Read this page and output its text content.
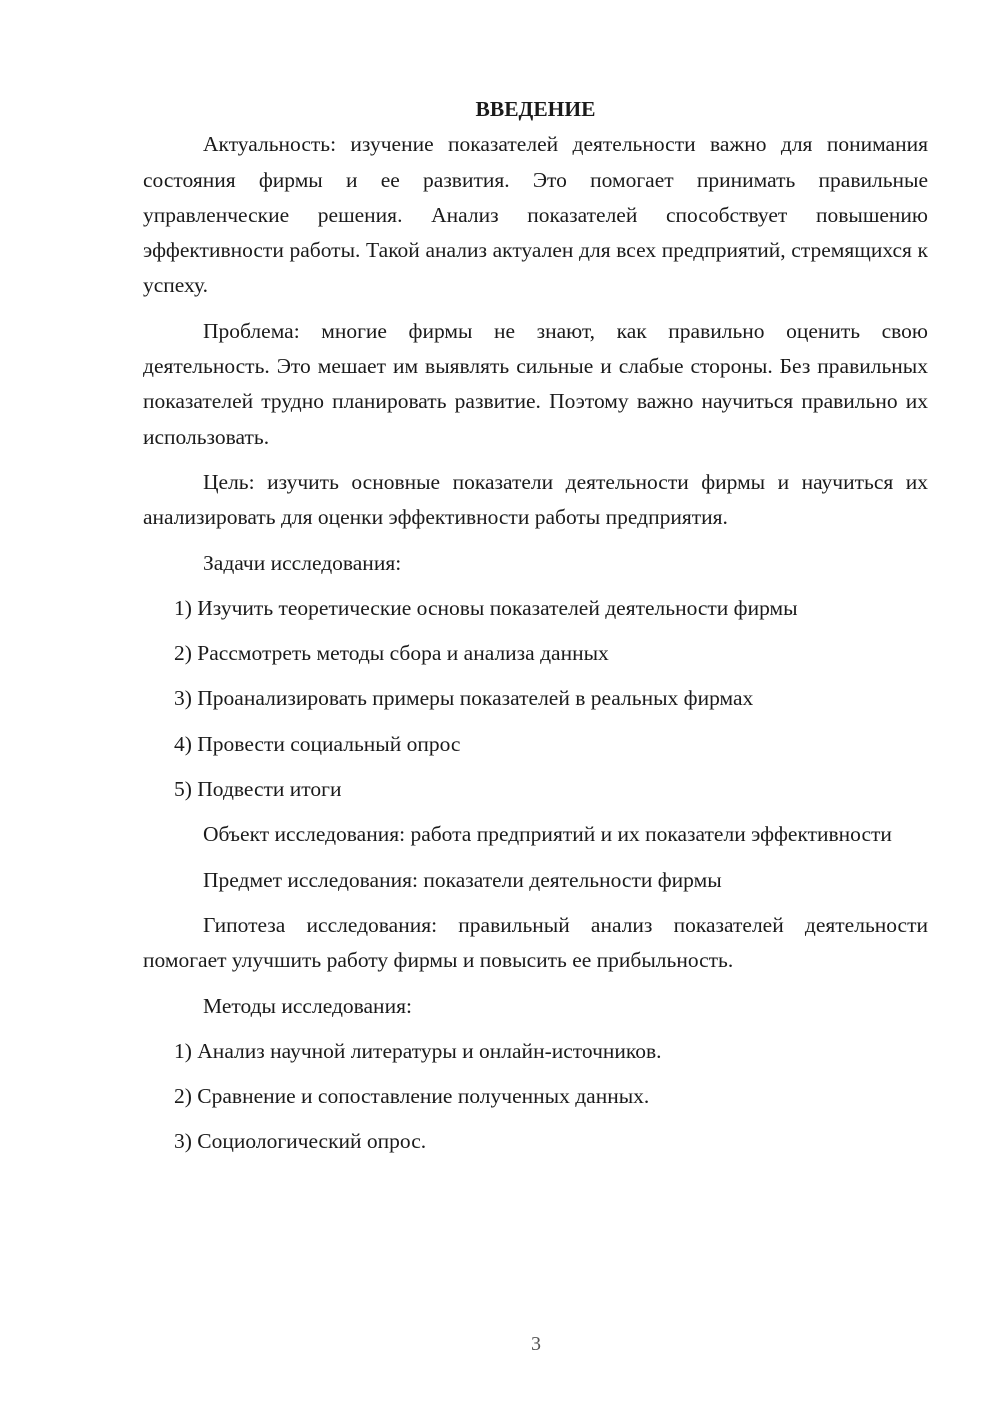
ВВЕДЕНИЕ

Актуальность: изучение показателей деятельности важно для понимания состояния фирмы и ее развития. Это помогает принимать правильные управленческие решения. Анализ показателей способствует повышению эффективности работы. Такой анализ актуален для всех предприятий, стремящихся к успеху.

Проблема: многие фирмы не знают, как правильно оценить свою деятельность. Это мешает им выявлять сильные и слабые стороны. Без правильных показателей трудно планировать развитие. Поэтому важно научиться правильно их использовать.

Цель: изучить основные показатели деятельности фирмы и научиться их анализировать для оценки эффективности работы предприятия.

Задачи исследования:

1) Изучить теоретические основы показателей деятельности фирмы
2) Рассмотреть методы сбора и анализа данных
3) Проанализировать примеры показателей в реальных фирмах
4) Провести социальный опрос
5) Подвести итоги

Объект исследования: работа предприятий и их показатели эффективности

Предмет исследования: показатели деятельности фирмы

Гипотеза исследования: правильный анализ показателей деятельности помогает улучшить работу фирмы и повысить ее прибыльность.

Методы исследования:

1) Анализ научной литературы и онлайн-источников.
2) Сравнение и сопоставление полученных данных.
3) Социологический опрос.
3
